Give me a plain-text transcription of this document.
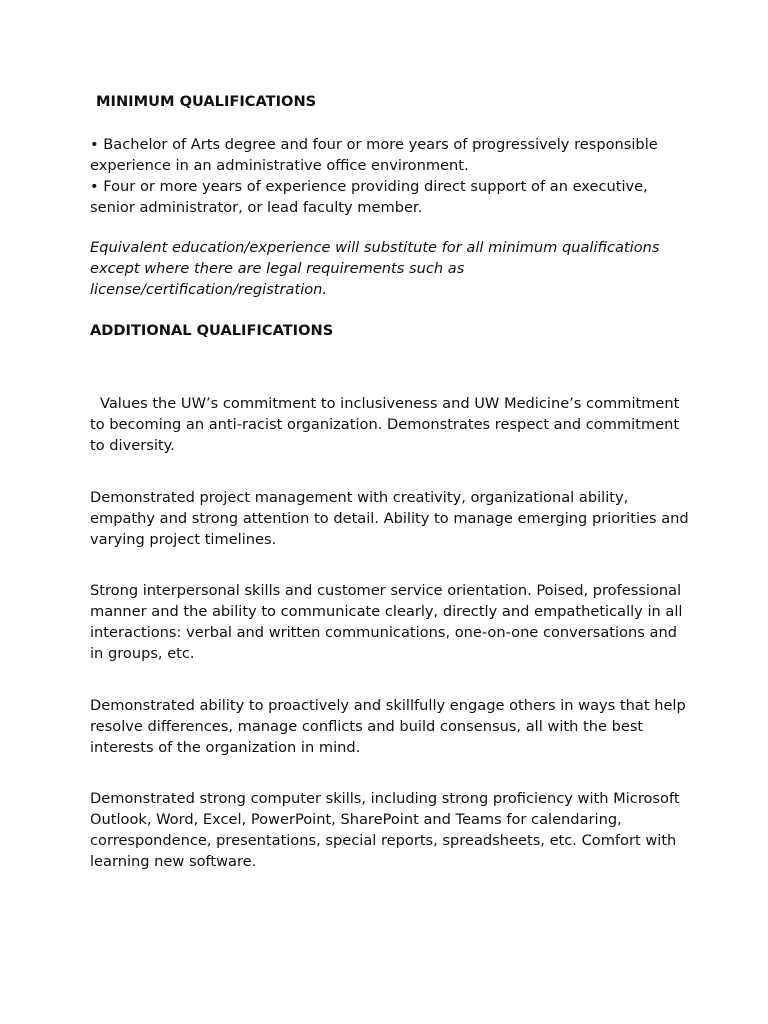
MINIMUM QUALIFICATIONS

• Bachelor of Arts degree and four or more years of progressively responsible experience in an administrative office environment.
• Four or more years of experience providing direct support of an executive, senior administrator, or lead faculty member.

Equivalent education/experience will substitute for all minimum qualifications except where there are legal requirements such as license/certification/registration.

ADDITIONAL QUALIFICATIONS

Values the UW’s commitment to inclusiveness and UW Medicine’s commitment to becoming an anti-racist organization. Demonstrates respect and commitment to diversity.

Demonstrated project management with creativity, organizational ability, empathy and strong attention to detail. Ability to manage emerging priorities and varying project timelines.

Strong interpersonal skills and customer service orientation. Poised, professional manner and the ability to communicate clearly, directly and empathetically in all interactions: verbal and written communications, one-on-one conversations and in groups, etc.

Demonstrated ability to proactively and skillfully engage others in ways that help resolve differences, manage conflicts and build consensus, all with the best interests of the organization in mind.

Demonstrated strong computer skills, including strong proficiency with Microsoft Outlook, Word, Excel, PowerPoint, SharePoint and Teams for calendaring, correspondence, presentations, special reports, spreadsheets, etc. Comfort with learning new software.
